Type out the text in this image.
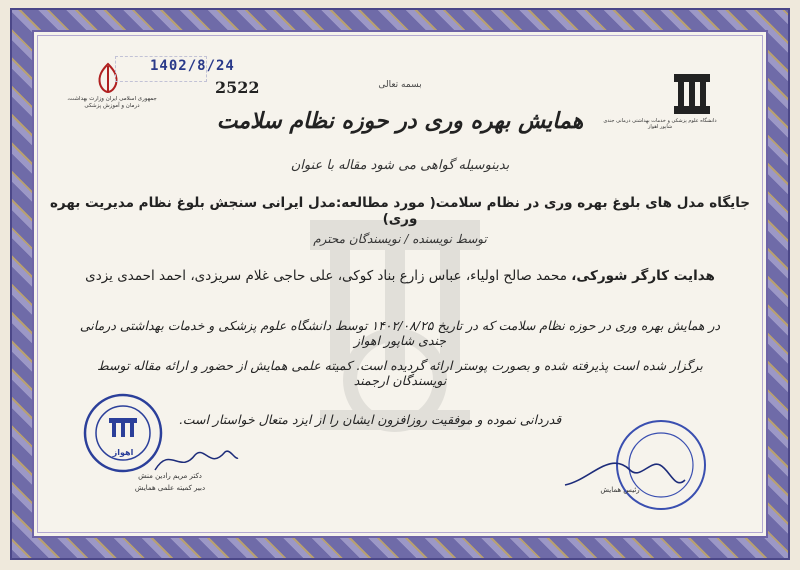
جمهوری اسلامی ایران وزارت بهداشت، درمان و آموزش پزشکی
دانشگاه علوم پزشکی و خدمات بهداشتی درمانی جندی شاپور اهواز
1402/8/24
2522	بسمه تعالی
همایش بهره وری در حوزه نظام سلامت
بدینوسیله گواهی می شود مقاله با عنوان
جایگاه مدل های بلوغ بهره وری در نظام سلامت( مورد مطالعه:مدل ایرانی سنجش بلوغ نظام مدیریت بهره وری)
توسط نویسنده / نویسندگان محترم
هدایت کارگر شورکی، محمد صالح اولیاء، عباس زارع بناد کوکی، علی حاجی غلام سریزدی، احمد احمدی یزدی
در همایش بهره وری در حوزه نظام سلامت که در تاریخ ۱۴۰۲/۰۸/۲۵ توسط دانشگاه علوم پزشکی و خدمات بهداشتی درمانی جندی شاپور اهواز
برگزار شده است پذیرفته شده و بصورت پوستر ارائه گردیده است. کمیته علمی همایش از حضور و ارائه مقاله توسط نویسندگان ارجمند
قدردانی نموده و موفقیت روزافزون ایشان را از ایزد متعال خواستار است.
اهواز
دکتر مریم رادین منش
دبیر کمیته علمی همایش	رئیس همایش
